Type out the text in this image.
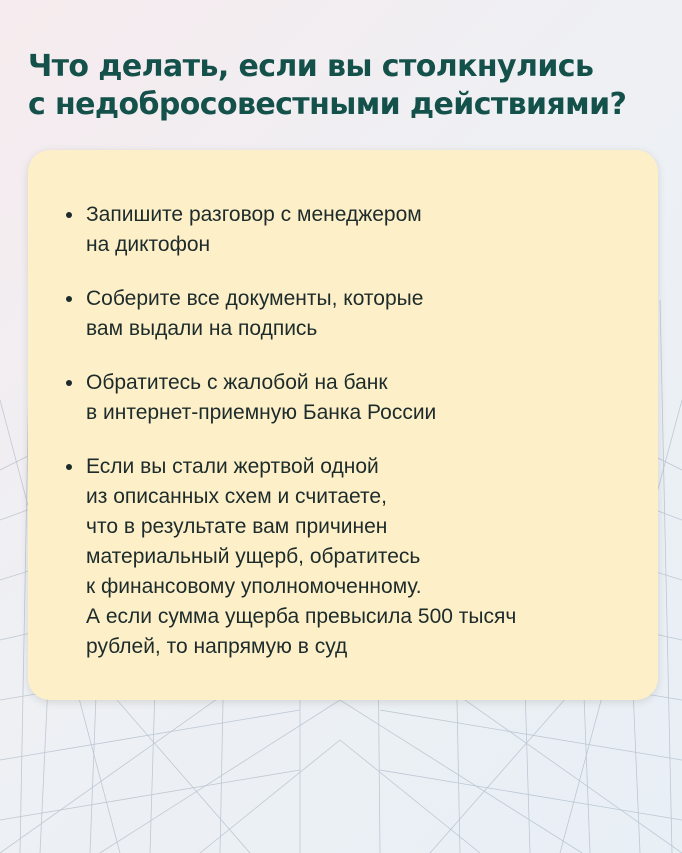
Что делать, если вы столкнулись
с недобросовестными действиями?
Запишите разговор с менеджером
на диктофон
Соберите все документы, которые
вам выдали на подпись
Обратитесь с жалобой на банк
в интернет-приемную Банка России
Если вы стали жертвой одной
из описанных схем и считаете,
что в результате вам причинен
материальный ущерб, обратитесь
к финансовому уполномоченному.
А если сумма ущерба превысила 500 тысяч
рублей, то напрямую в суд
